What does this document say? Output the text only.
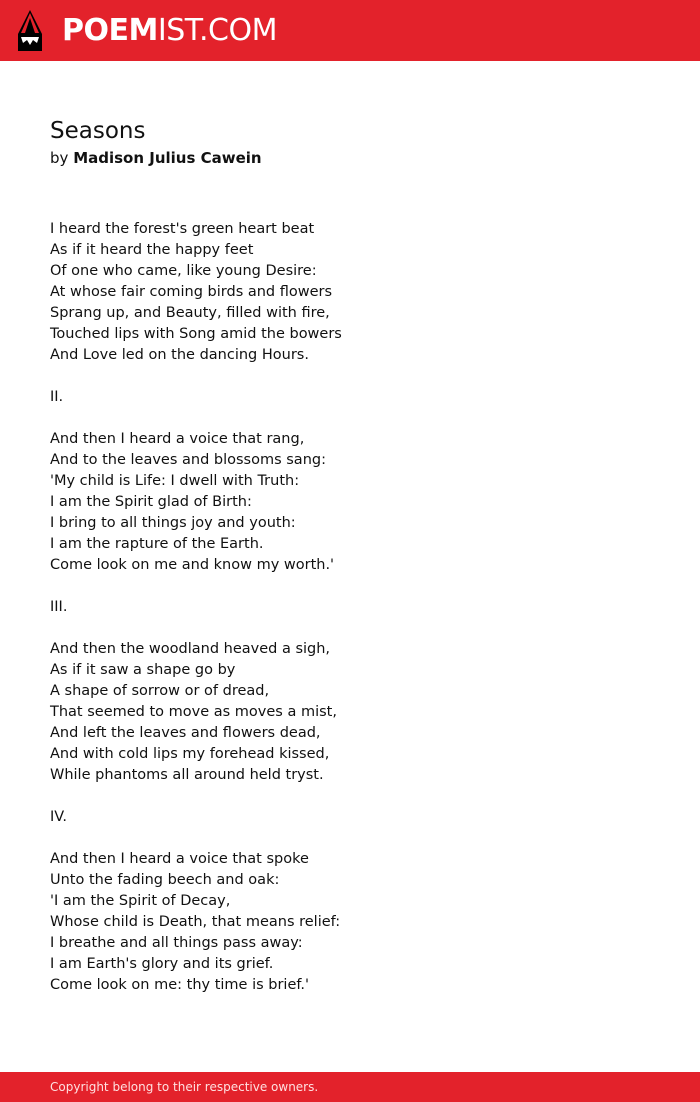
POEMIST.COM
Seasons
by Madison Julius Cawein
I heard the forest's green heart beat
As if it heard the happy feet
Of one who came, like young Desire:
At whose fair coming birds and flowers
Sprang up, and Beauty, filled with fire,
Touched lips with Song amid the bowers
And Love led on the dancing Hours.
II.
And then I heard a voice that rang,
And to the leaves and blossoms sang:
'My child is Life: I dwell with Truth:
I am the Spirit glad of Birth:
I bring to all things joy and youth:
I am the rapture of the Earth.
Come look on me and know my worth.'
III.
And then the woodland heaved a sigh,
As if it saw a shape go by
A shape of sorrow or of dread,
That seemed to move as moves a mist,
And left the leaves and flowers dead,
And with cold lips my forehead kissed,
While phantoms all around held tryst.
IV.
And then I heard a voice that spoke
Unto the fading beech and oak:
'I am the Spirit of Decay,
Whose child is Death, that means relief:
I breathe and all things pass away:
I am Earth's glory and its grief.
Come look on me: thy time is brief.'
Copyright belong to their respective owners.
